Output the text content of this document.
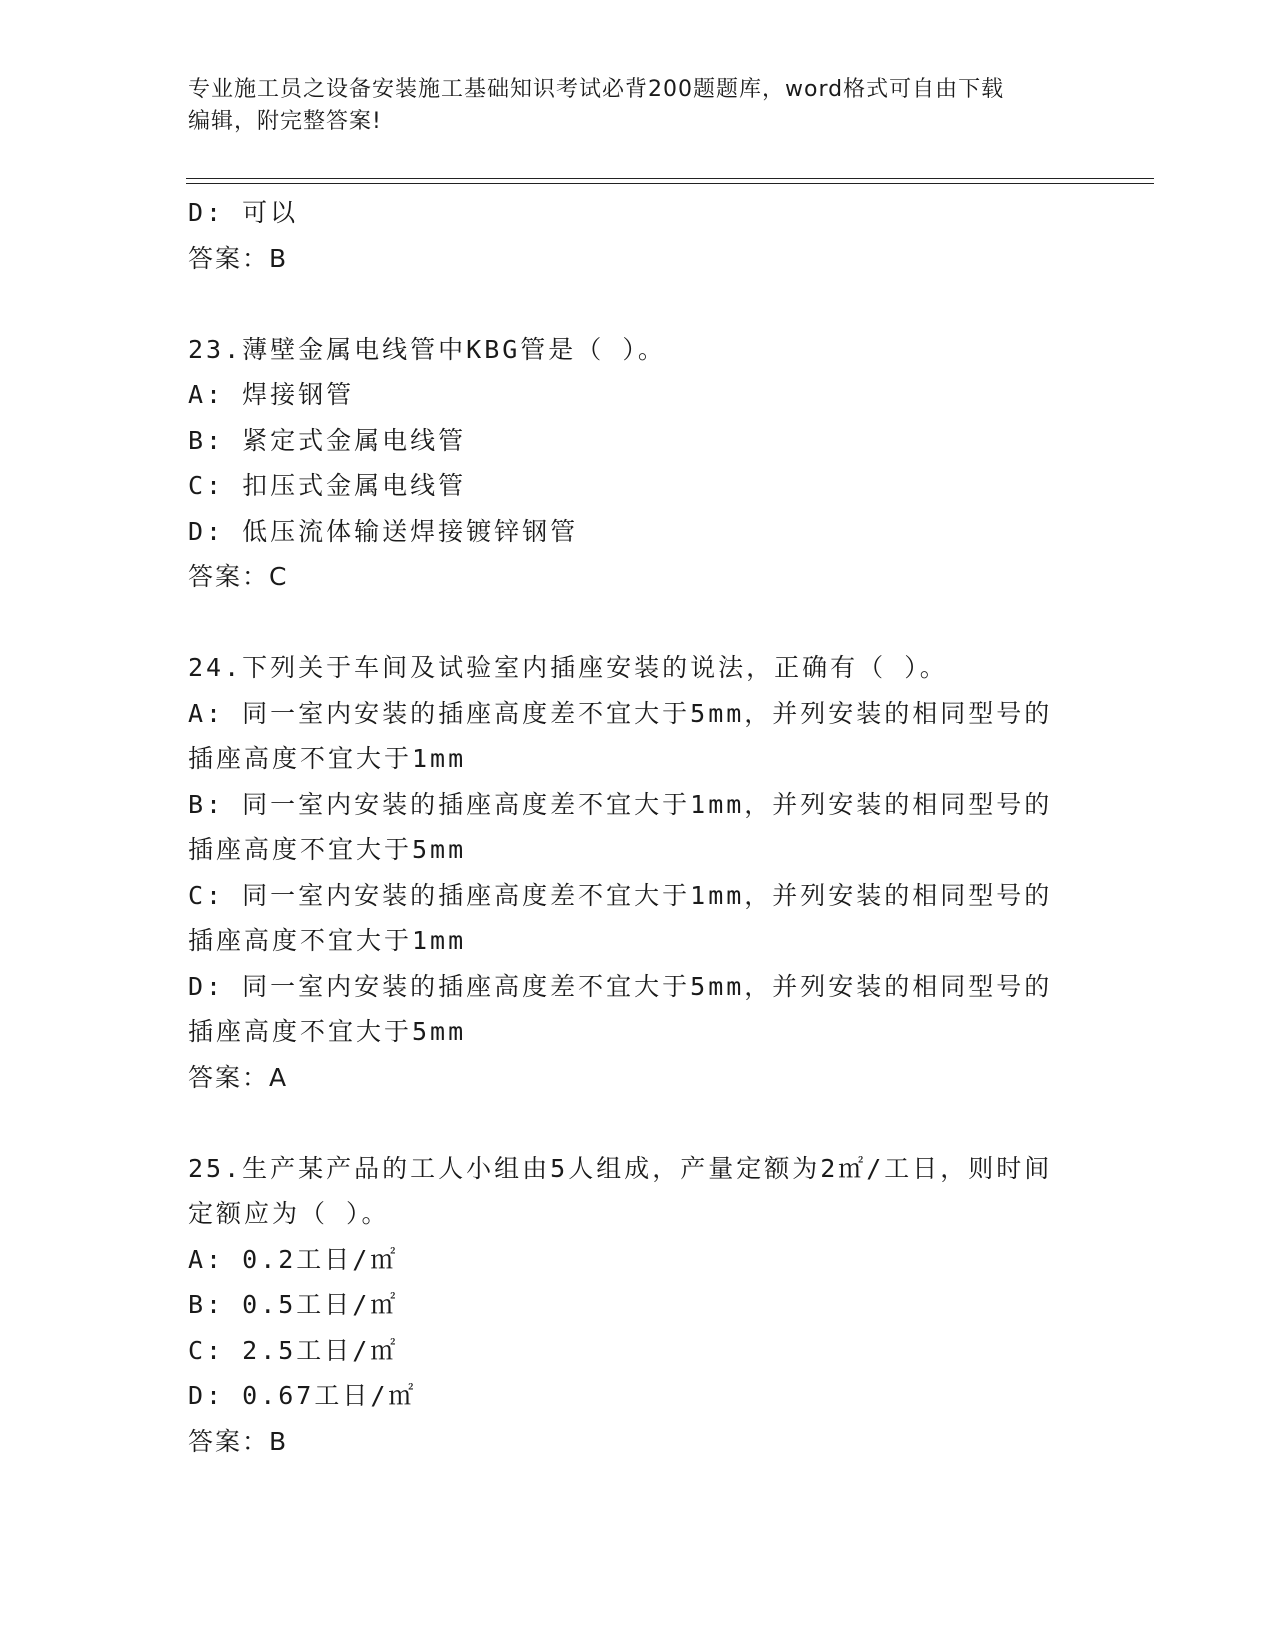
专业施工员之设备安装施工基础知识考试必背200题题库，word格式可自由下载
编辑，附完整答案!
D: 可以
答案：B
23.薄壁金属电线管中KBG管是（ ）。
A: 焊接钢管
B: 紧定式金属电线管
C: 扣压式金属电线管
D: 低压流体输送焊接镀锌钢管
答案：C
24.下列关于车间及试验室内插座安装的说法，正确有（ ）。
A: 同一室内安装的插座高度差不宜大于5mm，并列安装的相同型号的
插座高度不宜大于1mm
B: 同一室内安装的插座高度差不宜大于1mm，并列安装的相同型号的
插座高度不宜大于5mm
C: 同一室内安装的插座高度差不宜大于1mm，并列安装的相同型号的
插座高度不宜大于1mm
D: 同一室内安装的插座高度差不宜大于5mm，并列安装的相同型号的
插座高度不宜大于5mm
答案：A
25.生产某产品的工人小组由5人组成，产量定额为2㎡/工日，则时间
定额应为（ ）。
A: 0.2工日/㎡
B: 0.5工日/㎡
C: 2.5工日/㎡
D: 0.67工日/㎡
答案：B
